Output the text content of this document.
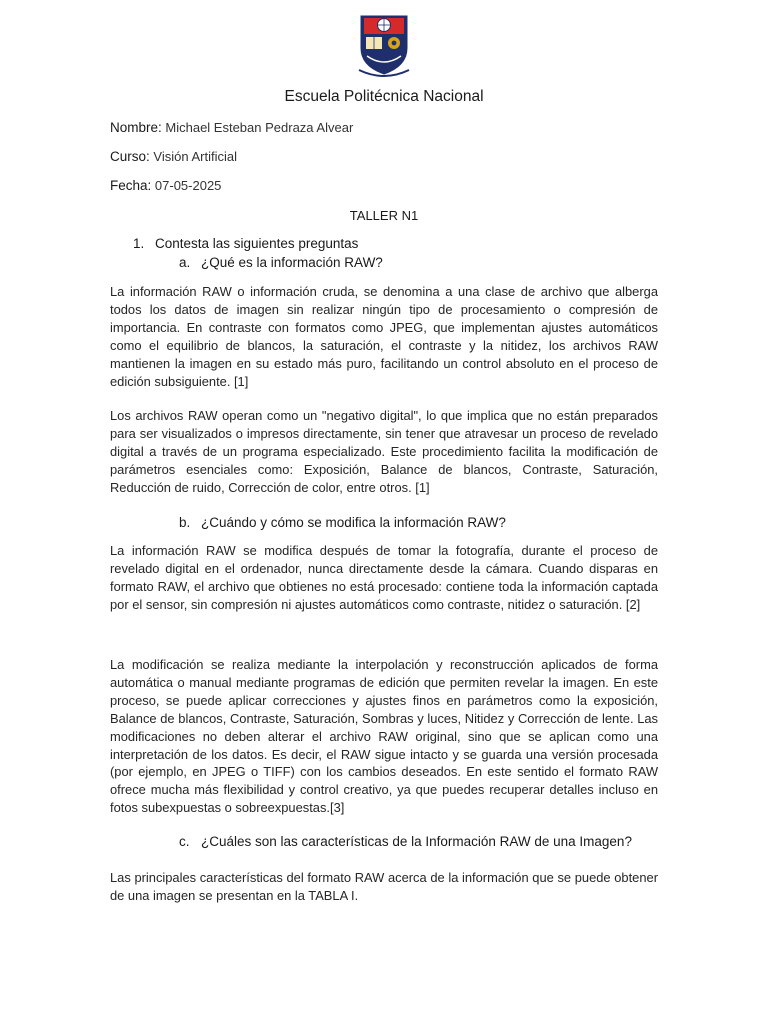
Escuela Politécnica Nacional
Nombre: Michael Esteban Pedraza Alvear
Curso: Visión Artificial
Fecha: 07-05-2025
TALLER N1
1. Contesta las siguientes preguntas
a. ¿Qué es la información RAW?
La información RAW o información cruda, se denomina a una clase de archivo que alberga todos los datos de imagen sin realizar ningún tipo de procesamiento o compresión de importancia. En contraste con formatos como JPEG, que implementan ajustes automáticos como el equilibrio de blancos, la saturación, el contraste y la nitidez, los archivos RAW mantienen la imagen en su estado más puro, facilitando un control absoluto en el proceso de edición subsiguiente. [1]
Los archivos RAW operan como un "negativo digital", lo que implica que no están preparados para ser visualizados o impresos directamente, sin tener que atravesar un proceso de revelado digital a través de un programa especializado. Este procedimiento facilita la modificación de parámetros esenciales como: Exposición, Balance de blancos, Contraste, Saturación, Reducción de ruido, Corrección de color, entre otros. [1]
b. ¿Cuándo y cómo se modifica la información RAW?
La información RAW se modifica después de tomar la fotografía, durante el proceso de revelado digital en el ordenador, nunca directamente desde la cámara. Cuando disparas en formato RAW, el archivo que obtienes no está procesado: contiene toda la información captada por el sensor, sin compresión ni ajustes automáticos como contraste, nitidez o saturación. [2]
La modificación se realiza mediante la interpolación y reconstrucción aplicados de forma automática o manual mediante programas de edición que permiten revelar la imagen. En este proceso, se puede aplicar correcciones y ajustes finos en parámetros como la exposición, Balance de blancos, Contraste, Saturación, Sombras y luces, Nitidez y Corrección de lente. Las modificaciones no deben alterar el archivo RAW original, sino que se aplican como una interpretación de los datos. Es decir, el RAW sigue intacto y se guarda una versión procesada (por ejemplo, en JPEG o TIFF) con los cambios deseados. En este sentido el formato RAW ofrece mucha más flexibilidad y control creativo, ya que puedes recuperar detalles incluso en fotos subexpuestas o sobreexpuestas.[3]
c. ¿Cuáles son las características de la Información RAW de una Imagen?
Las principales características del formato RAW acerca de la información que se puede obtener de una imagen se presentan en la TABLA I.
